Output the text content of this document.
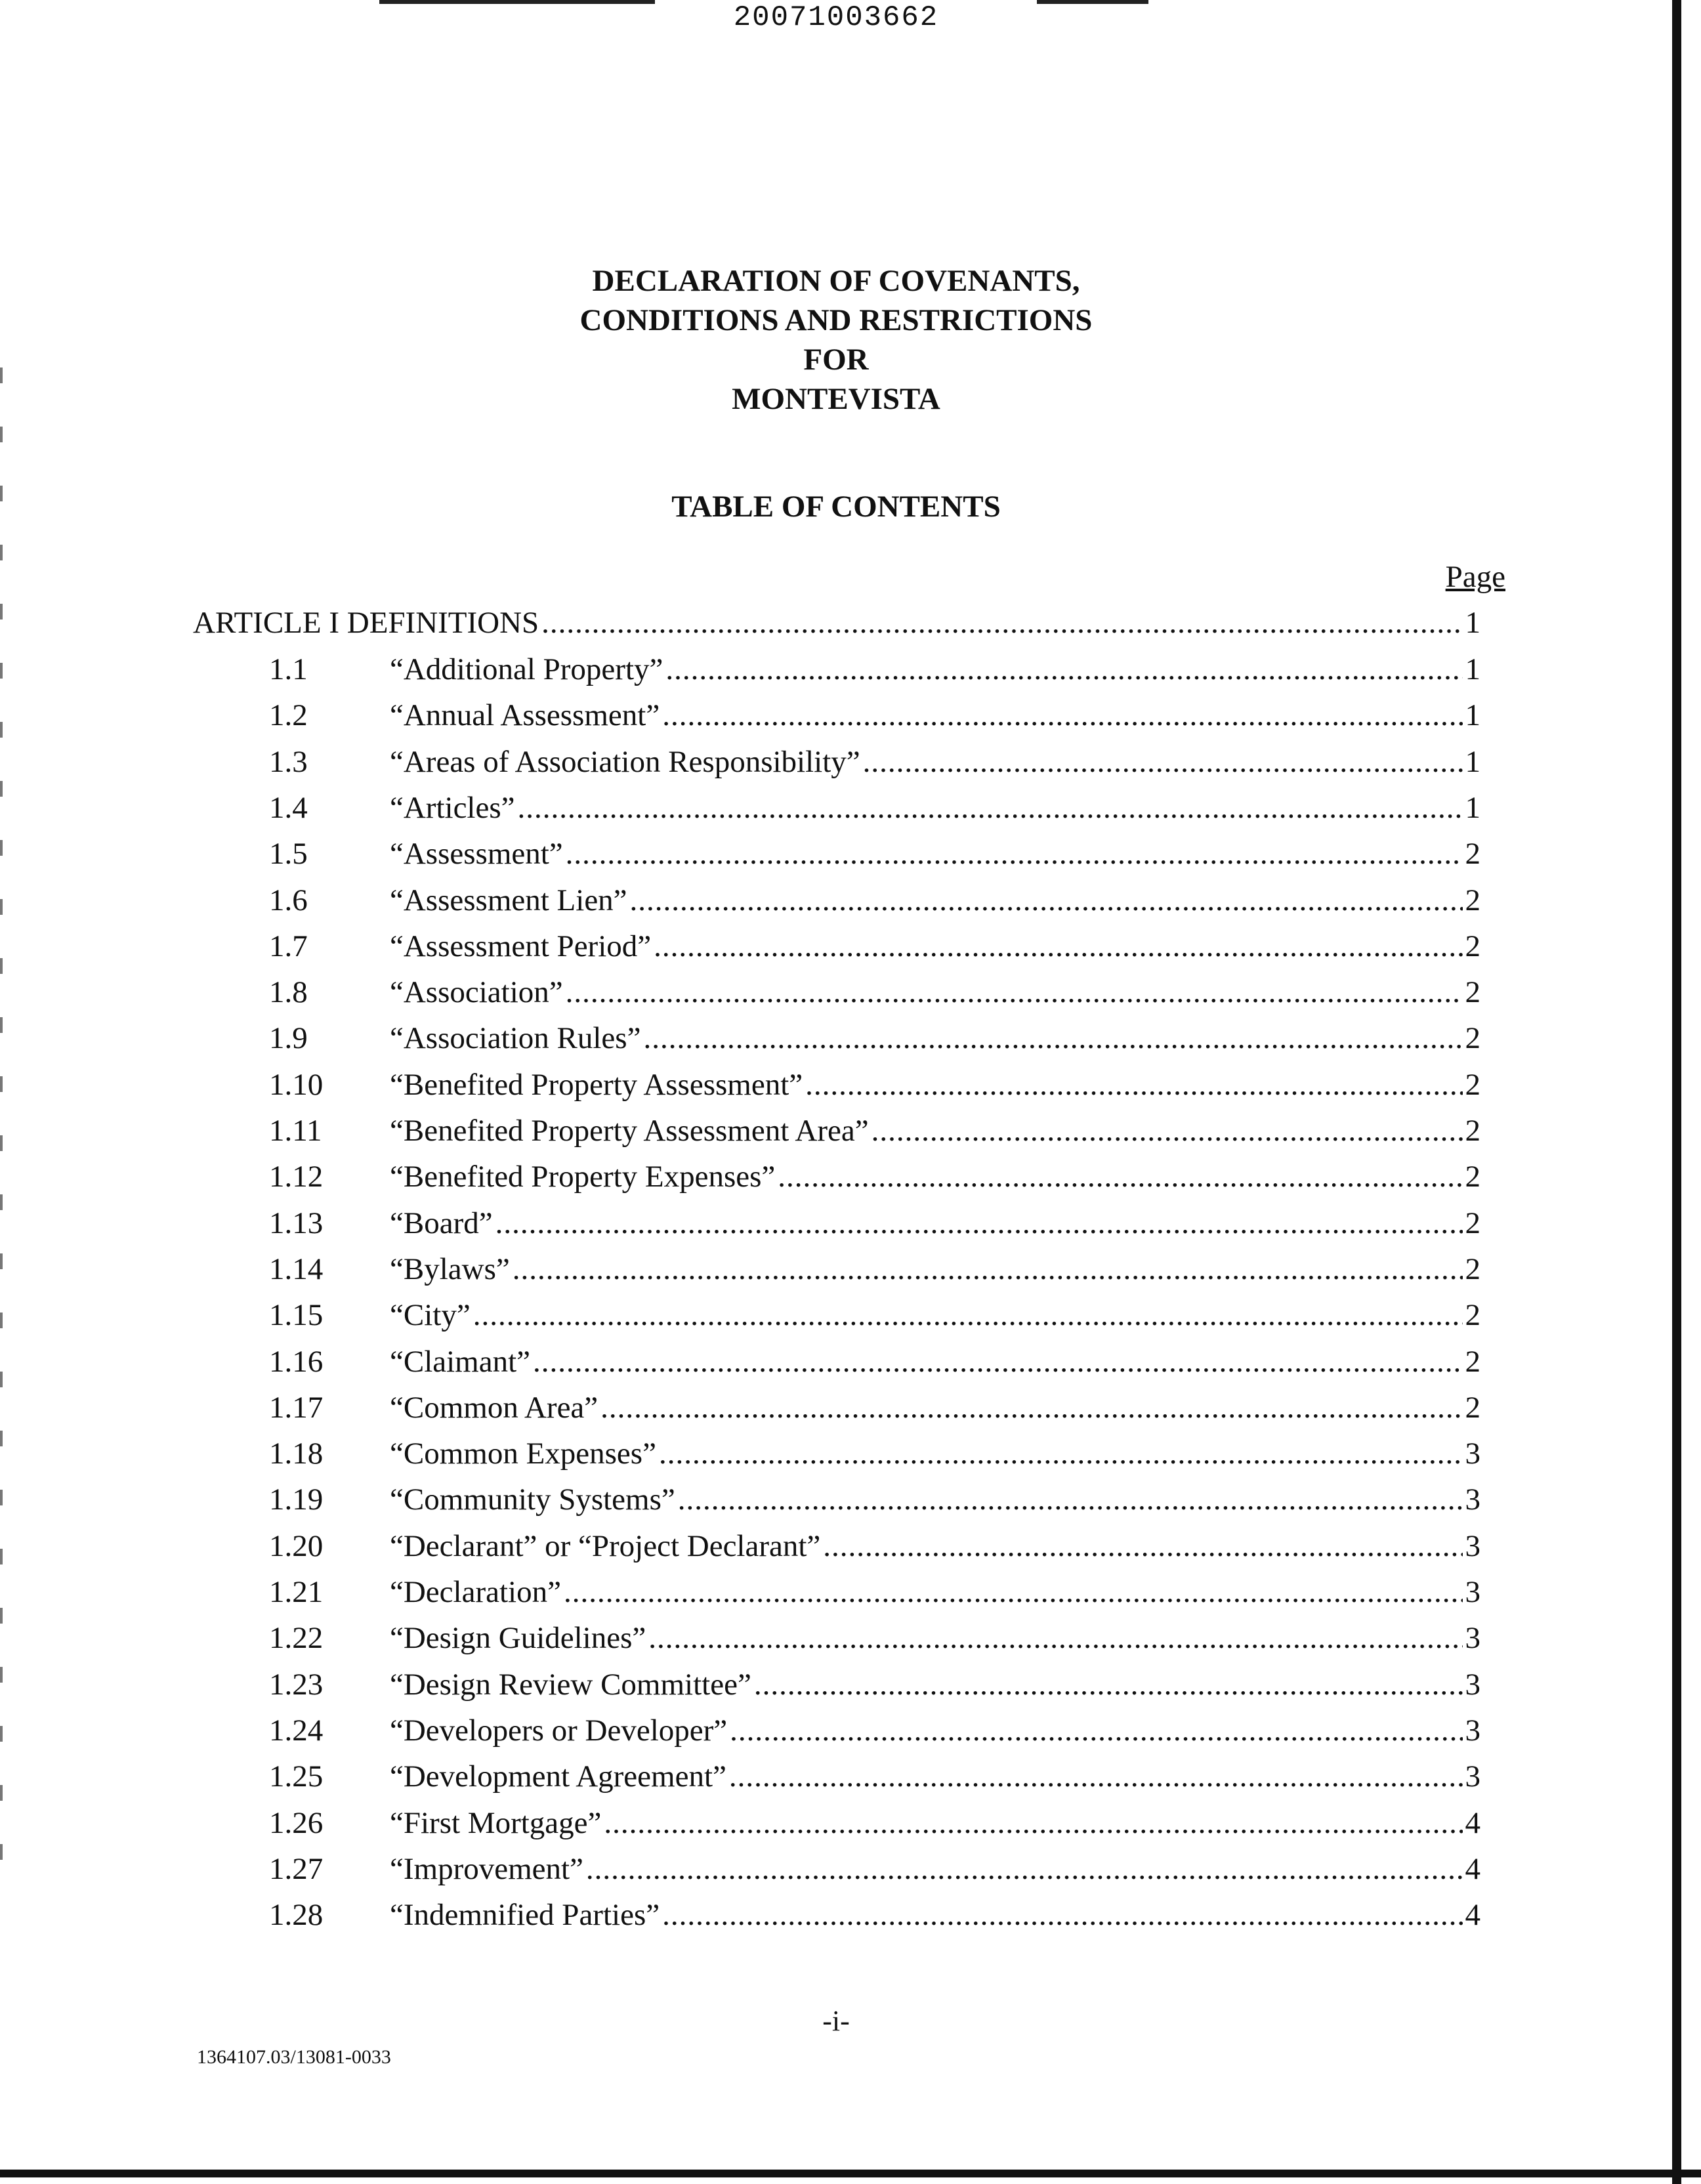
20071003662
DECLARATION OF COVENANTS,
CONDITIONS AND RESTRICTIONS
FOR
MONTEVISTA
TABLE OF CONTENTS
Page
ARTICLE I DEFINITIONS .....	1
1.1	“Additional Property” .....	1
1.2	“Annual Assessment” .....	1
1.3	“Areas of Association Responsibility” .....	1
1.4	“Articles” .....	1
1.5	“Assessment” .....	2
1.6	“Assessment Lien” .....	2
1.7	“Assessment Period” .....	2
1.8	“Association” .....	2
1.9	“Association Rules” .....	2
1.10	“Benefited Property Assessment” .....	2
1.11	“Benefited Property Assessment Area” .....	2
1.12	“Benefited Property Expenses” .....	2
1.13	“Board” .....	2
1.14	“Bylaws” .....	2
1.15	“City” .....	2
1.16	“Claimant” .....	2
1.17	“Common Area” .....	2
1.18	“Common Expenses” .....	3
1.19	“Community Systems” .....	3
1.20	“Declarant” or “Project Declarant” .....	3
1.21	“Declaration” .....	3
1.22	“Design Guidelines” .....	3
1.23	“Design Review Committee” .....	3
1.24	“Developers or Developer” .....	3
1.25	“Development Agreement” .....	3
1.26	“First Mortgage” .....	4
1.27	“Improvement” .....	4
1.28	“Indemnified Parties” .....	4
-i-
1364107.03/13081-0033
